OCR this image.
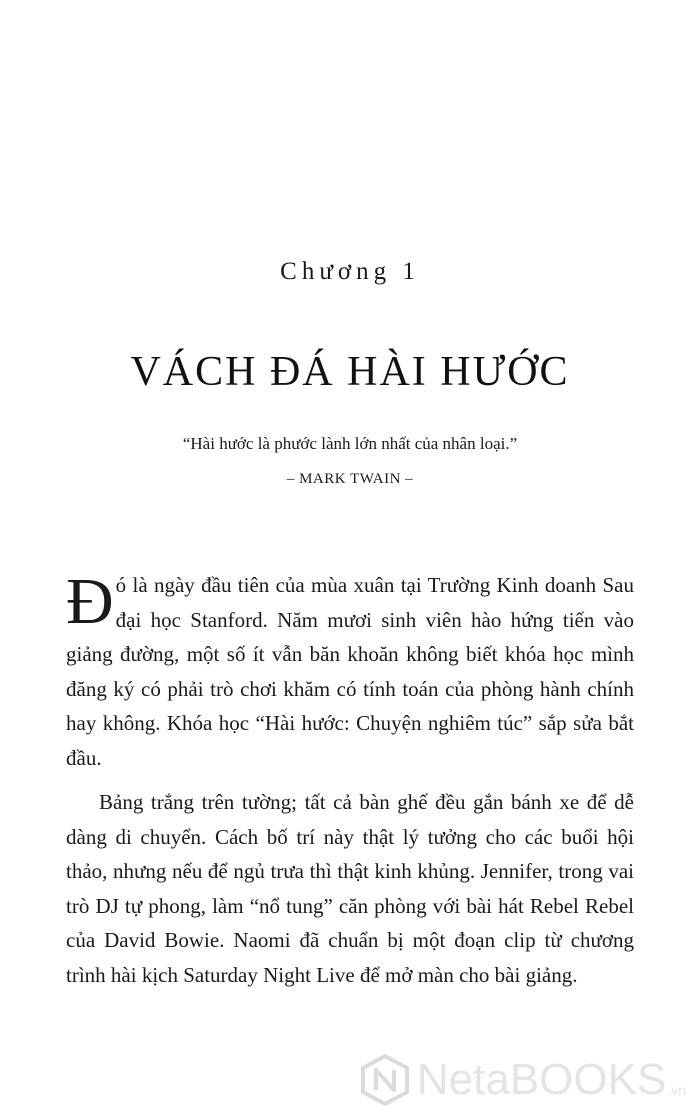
Chương 1
VÁCH ĐÁ HÀI HƯỚC
“Hài hước là phước lành lớn nhất của nhân loại.”
– MARK TWAIN –

Đó là ngày đầu tiên của mùa xuân tại Trường Kinh doanh Sau đại học Stanford. Năm mươi sinh viên hào hứng tiến vào giảng đường, một số ít vẫn băn khoăn không biết khóa học mình đăng ký có phải trò chơi khăm có tính toán của phòng hành chính hay không. Khóa học “Hài hước: Chuyện nghiêm túc” sắp sửa bắt đầu.

Bảng trắng trên tường; tất cả bàn ghế đều gắn bánh xe để dễ dàng di chuyển. Cách bố trí này thật lý tưởng cho các buổi hội thảo, nhưng nếu để ngủ trưa thì thật kinh khủng. Jennifer, trong vai trò DJ tự phong, làm “nổ tung” căn phòng với bài hát Rebel Rebel của David Bowie. Naomi đã chuẩn bị một đoạn clip từ chương trình hài kịch Saturday Night Live để mở màn cho bài giảng.

NetaBOOKS .vn
